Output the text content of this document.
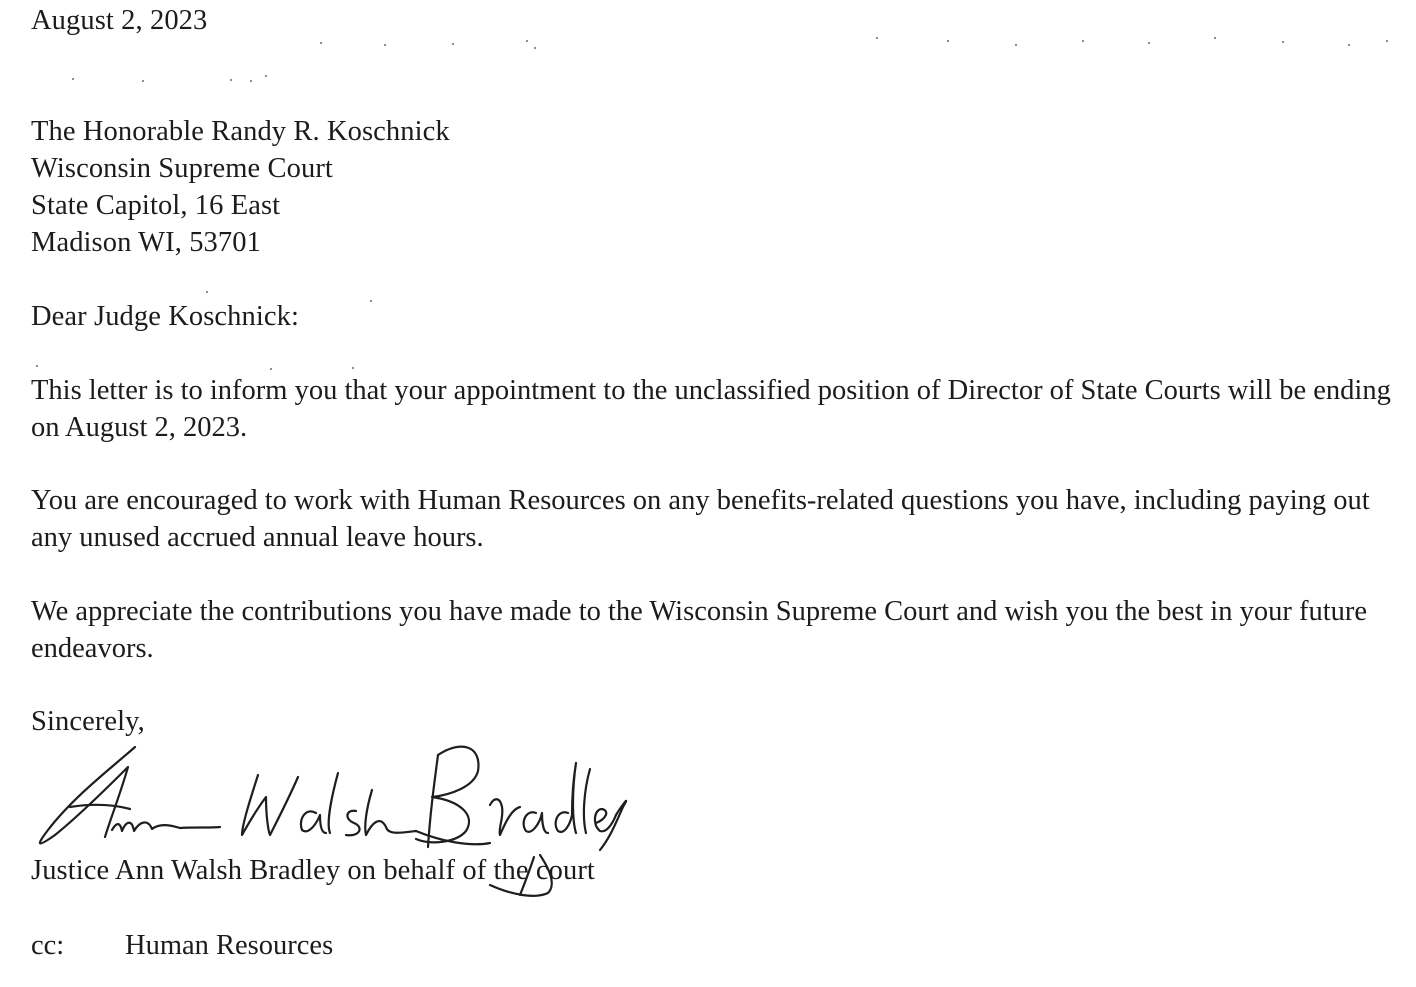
August 2, 2023
The Honorable Randy R. Koschnick
Wisconsin Supreme Court
State Capitol, 16 East
Madison WI, 53701
Dear Judge Koschnick:
This letter is to inform you that your appointment to the unclassified position of Director of State Courts will be ending on August 2, 2023.
You are encouraged to work with Human Resources on any benefits-related questions you have, including paying out any unused accrued annual leave hours.
We appreciate the contributions you have made to the Wisconsin Supreme Court and wish you the best in your future endeavors.
Sincerely,
Justice Ann Walsh Bradley on behalf of the court
cc: Human Resources
